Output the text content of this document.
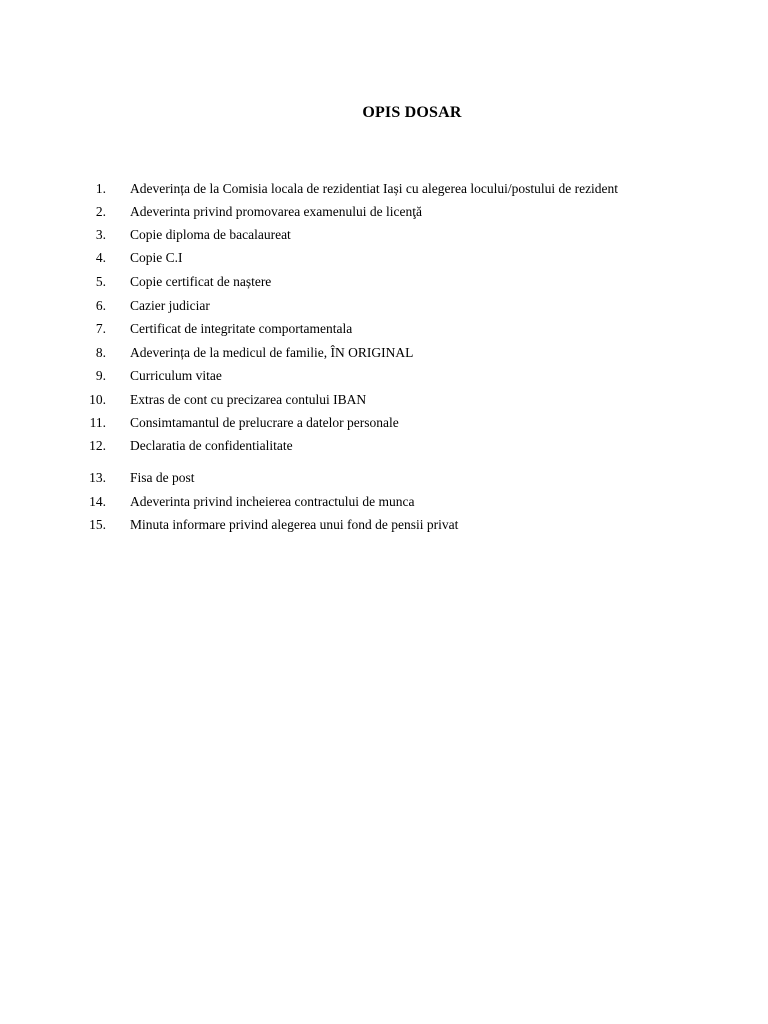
OPIS DOSAR
1. Adeverința de la Comisia locala de rezidentiat Iași cu alegerea locului/postului de rezident
2. Adeverinta privind promovarea examenului de licenţă
3. Copie diploma de bacalaureat
4. Copie C.I
5. Copie certificat de naștere
6. Cazier judiciar
7. Certificat de integritate comportamentala
8. Adeverința de la medicul de familie, ÎN ORIGINAL
9. Curriculum vitae
10. Extras de cont cu precizarea contului IBAN
11. Consimtamantul de prelucrare a datelor personale
12. Declaratia de confidentialitate
13. Fisa de post
14. Adeverinta privind incheierea contractului de munca
15. Minuta informare privind alegerea unui fond de pensii privat
